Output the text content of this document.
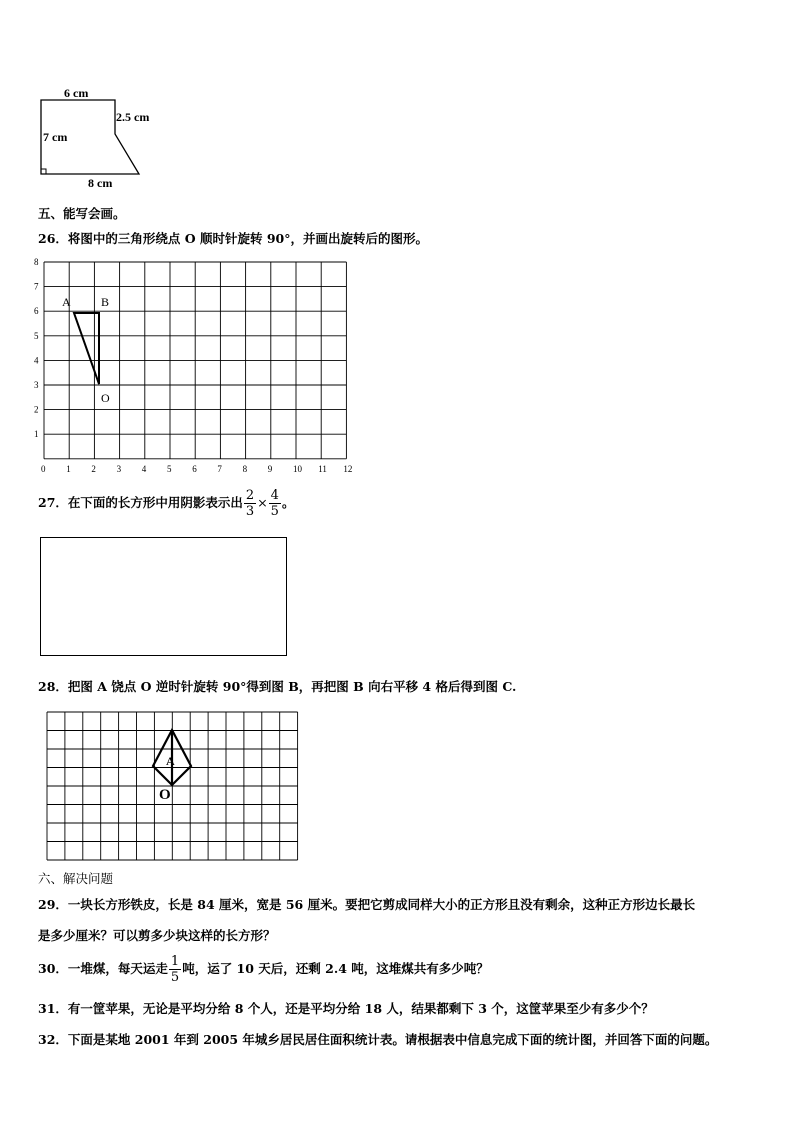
6 cm
2.5 cm
7 cm
8 cm
五、能写会画。
26．将图中的三角形绕点 O 顺时针旋转 90°，并画出旋转后的图形。
0 1 2 3 4 5 6 7 8 9 10 11 12
1
2
3
4
5
6
7
8
A	B
O
27．在下面的长方形中用阴影表示出 $\frac{2}{3} \times \frac{4}{5}$ 。
28．把图 A 饶点 O 逆时针旋转 90°得到图 B，再把图 B 向右平移 4 格后得到图 C.
A
O
六、解决问题
29．一块长方形铁皮，长是 84 厘米，宽是 56 厘米。要把它剪成同样大小的正方形且没有剩余，这种正方形边长最长
是多少厘米？可以剪多少块这样的长方形？
30．一堆煤，每天运走 $\frac{1}{5}$ 吨，运了 10 天后，还剩 2.4 吨，这堆煤共有多少吨？
31．有一筐苹果，无论是平均分给 8 个人，还是平均分给 18 人，结果都剩下 3 个，这筐苹果至少有多少个？
32．下面是某地 2001 年到 2005 年城乡居民居住面积统计表。请根据表中信息完成下面的统计图，并回答下面的问题。
